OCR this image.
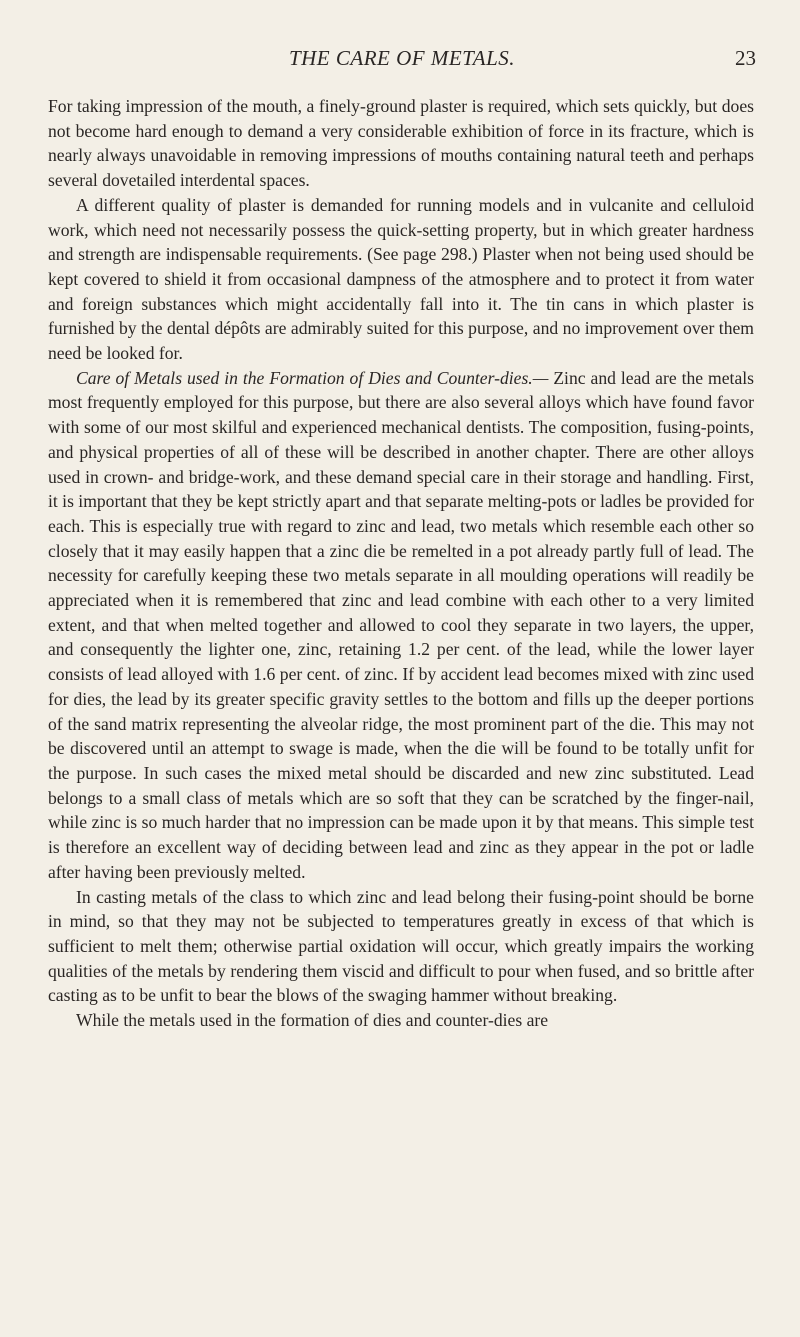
THE CARE OF METALS.	23

For taking impression of the mouth, a finely-ground plaster is required, which sets quickly, but does not become hard enough to demand a very considerable exhibition of force in its fracture, which is nearly always unavoidable in removing impressions of mouths containing natural teeth and perhaps several dovetailed interdental spaces.

A different quality of plaster is demanded for running models and in vulcanite and celluloid work, which need not necessarily possess the quick-setting property, but in which greater hardness and strength are indispensable requirements. (See page 298.) Plaster when not being used should be kept covered to shield it from occasional dampness of the atmosphere and to protect it from water and foreign substances which might accidentally fall into it. The tin cans in which plaster is furnished by the dental dépôts are admirably suited for this purpose, and no improvement over them need be looked for.

Care of Metals used in the Formation of Dies and Counter-dies.— Zinc and lead are the metals most frequently employed for this purpose, but there are also several alloys which have found favor with some of our most skilful and experienced mechanical dentists. The composition, fusing-points, and physical properties of all of these will be described in another chapter. There are other alloys used in crown- and bridge-work, and these demand special care in their storage and handling. First, it is important that they be kept strictly apart and that separate melting-pots or ladles be provided for each. This is especially true with regard to zinc and lead, two metals which resemble each other so closely that it may easily happen that a zinc die be remelted in a pot already partly full of lead. The necessity for carefully keeping these two metals separate in all moulding operations will readily be appreciated when it is remembered that zinc and lead combine with each other to a very limited extent, and that when melted together and allowed to cool they separate in two layers, the upper, and consequently the lighter one, zinc, retaining 1.2 per cent. of the lead, while the lower layer consists of lead alloyed with 1.6 per cent. of zinc. If by accident lead becomes mixed with zinc used for dies, the lead by its greater specific gravity settles to the bottom and fills up the deeper portions of the sand matrix representing the alveolar ridge, the most prominent part of the die. This may not be discovered until an attempt to swage is made, when the die will be found to be totally unfit for the purpose. In such cases the mixed metal should be discarded and new zinc substituted. Lead belongs to a small class of metals which are so soft that they can be scratched by the finger-nail, while zinc is so much harder that no impression can be made upon it by that means. This simple test is therefore an excellent way of deciding between lead and zinc as they appear in the pot or ladle after having been previously melted.

In casting metals of the class to which zinc and lead belong their fusing-point should be borne in mind, so that they may not be subjected to temperatures greatly in excess of that which is sufficient to melt them; otherwise partial oxidation will occur, which greatly impairs the working qualities of the metals by rendering them viscid and difficult to pour when fused, and so brittle after casting as to be unfit to bear the blows of the swaging hammer without breaking.

While the metals used in the formation of dies and counter-dies are
